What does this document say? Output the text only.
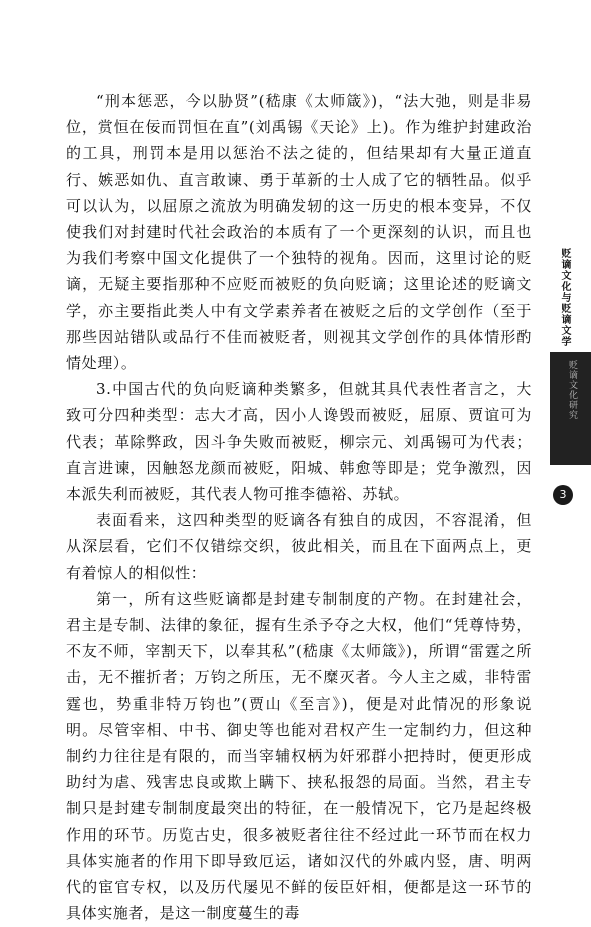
“刑本惩恶，今以胁贤”(嵇康《太师箴》)，“法大弛，则是非易位，赏恒在佞而罚恒在直”(刘禹锡《天论》上)。作为维护封建政治的工具，刑罚本是用以惩治不法之徒的，但结果却有大量正道直行、嫉恶如仇、直言敢谏、勇于革新的士人成了它的牺牲品。似乎可以认为，以屈原之流放为明确发轫的这一历史的根本变异，不仅使我们对封建时代社会政治的本质有了一个更深刻的认识，而且也为我们考察中国文化提供了一个独特的视角。因而，这里讨论的贬谪，无疑主要指那种不应贬而被贬的负向贬谪；这里论述的贬谪文学，亦主要指此类人中有文学素养者在被贬之后的文学创作（至于那些因站错队或品行不佳而被贬者，则视其文学创作的具体情形酌情处理）。

3.中国古代的负向贬谪种类繁多，但就其具代表性者言之，大致可分四种类型：志大才高，因小人谗毁而被贬，屈原、贾谊可为代表；革除弊政，因斗争失败而被贬，柳宗元、刘禹锡可为代表；直言进谏，因触怒龙颜而被贬，阳城、韩愈等即是；党争激烈，因本派失利而被贬，其代表人物可推李德裕、苏轼。

表面看来，这四种类型的贬谪各有独自的成因，不容混淆，但从深层看，它们不仅错综交织，彼此相关，而且在下面两点上，更有着惊人的相似性：

第一，所有这些贬谪都是封建专制制度的产物。在封建社会，君主是专制、法律的象征，握有生杀予夺之大权，他们“凭尊恃势，不友不师，宰割天下，以奉其私”(嵇康《太师箴》)，所谓“雷霆之所击，无不摧折者；万钧之所压，无不糜灭者。今人主之威，非特雷霆也，势重非特万钧也”(贾山《至言》)，便是对此情况的形象说明。尽管宰相、中书、御史等也能对君权产生一定制约力，但这种制约力往往是有限的，而当宰辅权柄为奸邪群小把持时，便更形成助纣为虐、残害忠良或欺上瞒下、挟私报怨的局面。当然，君主专制只是封建专制制度最突出的特征，在一般情况下，它乃是起终极作用的环节。历览古史，很多被贬者往往不经过此一环节而在权力具体实施者的作用下即导致厄运，诸如汉代的外戚内竖，唐、明两代的宦官专权，以及历代屡见不鲜的佞臣奸相，便都是这一环节的具体实施者，是这一制度蔓生的毒

贬谪文化与贬谪文学
贬谪文化研究
3
